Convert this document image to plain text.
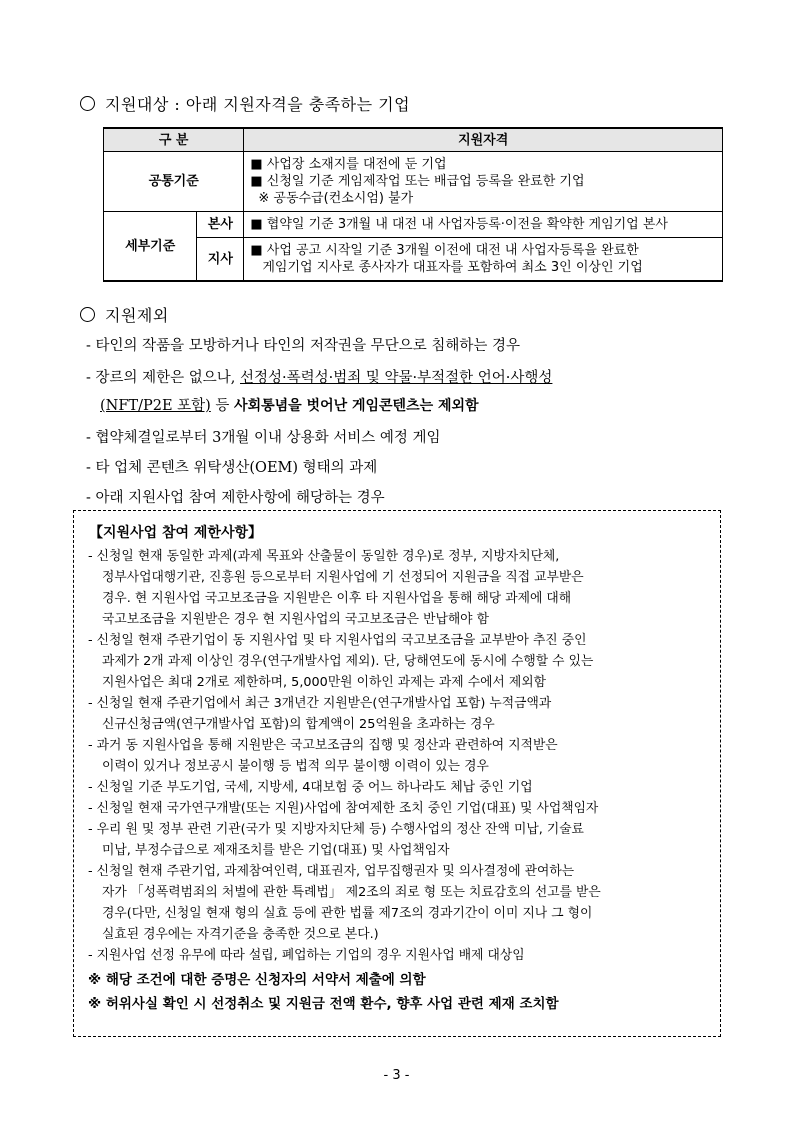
지원대상 : 아래 지원자격을 충족하는 기업
구 분		지원자격
공통기준		■ 사업장 소재지를 대전에 둔 기업
■ 신청일 기준 게임제작업 또는 배급업 등록을 완료한 기업
※ 공동수급(컨소시엄) 불가

세부기준	본사	■ 협약일 기준 3개월 내 대전 내 사업자등록·이전을 확약한 게임기업 본사

	지사	■ 사업 공고 시작일 기준 3개월 이전에 대전 내 사업자등록을 완료한
게임기업 지사로 종사자가 대표자를 포함하여 최소 3인 이상인 기업
지원제외
- 타인의 작품을 모방하거나 타인의 저작권을 무단으로 침해하는 경우
- 장르의 제한은 없으나, 선정성·폭력성·범죄 및 약물·부적절한 언어·사행성
(NFT/P2E 포함) 등 사회통념을 벗어난 게임콘텐츠는 제외함
- 협약체결일로부터 3개월 이내 상용화 서비스 예정 게임
- 타 업체 콘텐츠 위탁생산(OEM) 형태의 과제
- 아래 지원사업 참여 제한사항에 해당하는 경우
【지원사업 참여 제한사항】
- 신청일 현재 동일한 과제(과제 목표와 산출물이 동일한 경우)로 정부, 지방자치단체,
정부사업대행기관, 진흥원 등으로부터 지원사업에 기 선정되어 지원금을 직접 교부받은
경우. 현 지원사업 국고보조금을 지원받은 이후 타 지원사업을 통해 해당 과제에 대해
국고보조금을 지원받은 경우 현 지원사업의 국고보조금은 반납해야 함
- 신청일 현재 주관기업이 동 지원사업 및 타 지원사업의 국고보조금을 교부받아 추진 중인
과제가 2개 과제 이상인 경우(연구개발사업 제외). 단, 당해연도에 동시에 수행할 수 있는
지원사업은 최대 2개로 제한하며, 5,000만원 이하인 과제는 과제 수에서 제외함
- 신청일 현재 주관기업에서 최근 3개년간 지원받은(연구개발사업 포함) 누적금액과
신규신청금액(연구개발사업 포함)의 합계액이 25억원을 초과하는 경우
- 과거 동 지원사업을 통해 지원받은 국고보조금의 집행 및 정산과 관련하여 지적받은
이력이 있거나 정보공시 불이행 등 법적 의무 불이행 이력이 있는 경우
- 신청일 기준 부도기업, 국세, 지방세, 4대보험 중 어느 하나라도 체납 중인 기업
- 신청일 현재 국가연구개발(또는 지원)사업에 참여제한 조치 중인 기업(대표) 및 사업책임자
- 우리 원 및 정부 관련 기관(국가 및 지방자치단체 등) 수행사업의 정산 잔액 미납, 기술료
미납, 부정수급으로 제재조치를 받은 기업(대표) 및 사업책임자
- 신청일 현재 주관기업, 과제참여인력, 대표권자, 업무집행권자 및 의사결정에 관여하는
자가 「성폭력범죄의 처벌에 관한 특례법」 제2조의 죄로 형 또는 치료감호의 선고를 받은
경우(다만, 신청일 현재 형의 실효 등에 관한 법률 제7조의 경과기간이 이미 지나 그 형이
실효된 경우에는 자격기준을 충족한 것으로 본다.)
- 지원사업 선정 유무에 따라 설립, 폐업하는 기업의 경우 지원사업 배제 대상임
※ 해당 조건에 대한 증명은 신청자의 서약서 제출에 의함
※ 허위사실 확인 시 선정취소 및 지원금 전액 환수, 향후 사업 관련 제재 조치함
- 3 -
